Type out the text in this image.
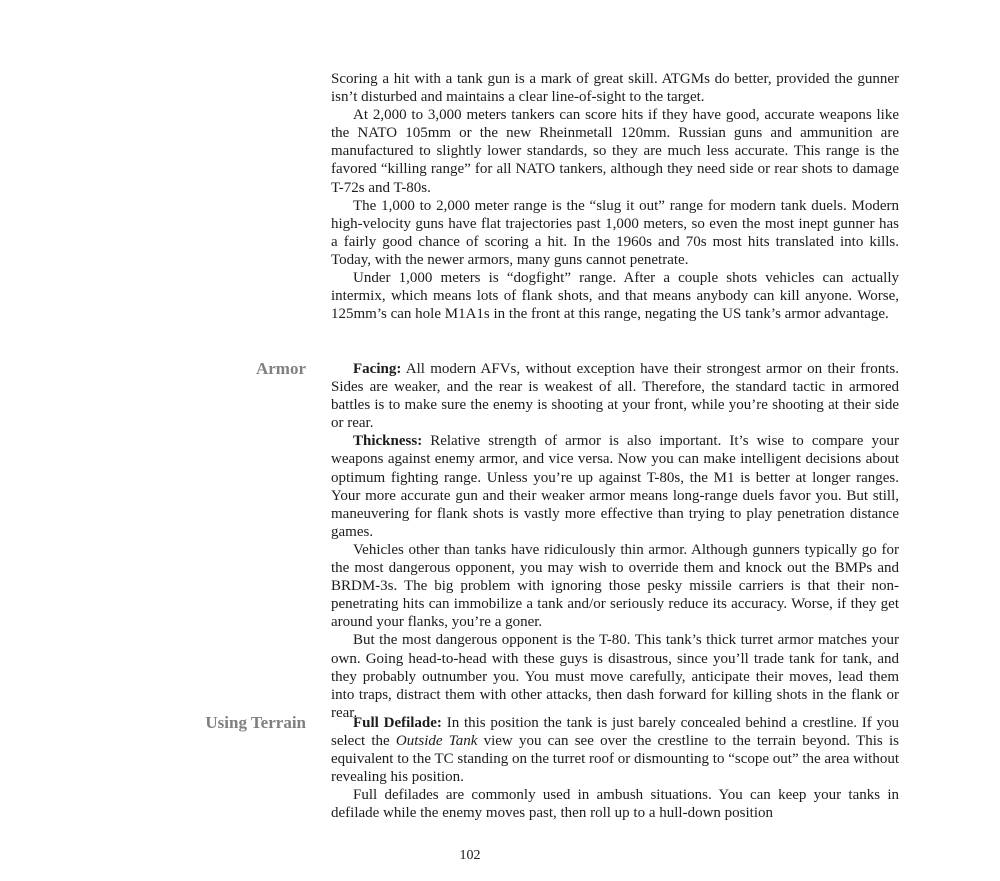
Scoring a hit with a tank gun is a mark of great skill. ATGMs do better, provided the gunner isn’t disturbed and maintains a clear line-of-sight to the target.

At 2,000 to 3,000 meters tankers can score hits if they have good, accurate weapons like the NATO 105mm or the new Rheinmetall 120mm. Russian guns and ammunition are manufactured to slightly lower standards, so they are much less accurate. This range is the favored “killing range” for all NATO tankers, although they need side or rear shots to damage T-72s and T-80s.

The 1,000 to 2,000 meter range is the “slug it out” range for modern tank duels. Modern high-velocity guns have flat trajectories past 1,000 meters, so even the most inept gunner has a fairly good chance of scoring a hit. In the 1960s and 70s most hits translated into kills. Today, with the newer armors, many guns cannot penetrate.

Under 1,000 meters is “dogfight” range. After a couple shots vehicles can actually intermix, which means lots of flank shots, and that means anybody can kill anyone. Worse, 125mm’s can hole M1A1s in the front at this range, negating the US tank’s armor advantage.

Armor	Facing: All modern AFVs, without exception have their strongest armor on their fronts. Sides are weaker, and the rear is weakest of all. Therefore, the standard tactic in armored battles is to make sure the enemy is shooting at your front, while you’re shooting at their side or rear.

Thickness: Relative strength of armor is also important. It’s wise to compare your weapons against enemy armor, and vice versa. Now you can make intelligent decisions about optimum fighting range. Unless you’re up against T-80s, the M1 is better at longer ranges. Your more accurate gun and their weaker armor means long-range duels favor you. But still, maneuvering for flank shots is vastly more effective than trying to play penetration distance games.

Vehicles other than tanks have ridiculously thin armor. Although gunners typically go for the most dangerous opponent, you may wish to override them and knock out the BMPs and BRDM-3s. The big problem with ignoring those pesky missile carriers is that their non-penetrating hits can immobilize a tank and/or seriously reduce its accuracy. Worse, if they get around your flanks, you’re a goner.

But the most dangerous opponent is the T-80. This tank’s thick turret armor matches your own. Going head-to-head with these guys is disastrous, since you’ll trade tank for tank, and they probably outnumber you. You must move carefully, anticipate their moves, lead them into traps, distract them with other attacks, then dash forward for killing shots in the flank or rear.

Using Terrain	Full Defilade: In this position the tank is just barely concealed behind a crestline. If you select the Outside Tank view you can see over the crestline to the terrain beyond. This is equivalent to the TC standing on the turret roof or dismounting to “scope out” the area without revealing his position.

Full defilades are commonly used in ambush situations. You can keep your tanks in defilade while the enemy moves past, then roll up to a hull-down position

102
